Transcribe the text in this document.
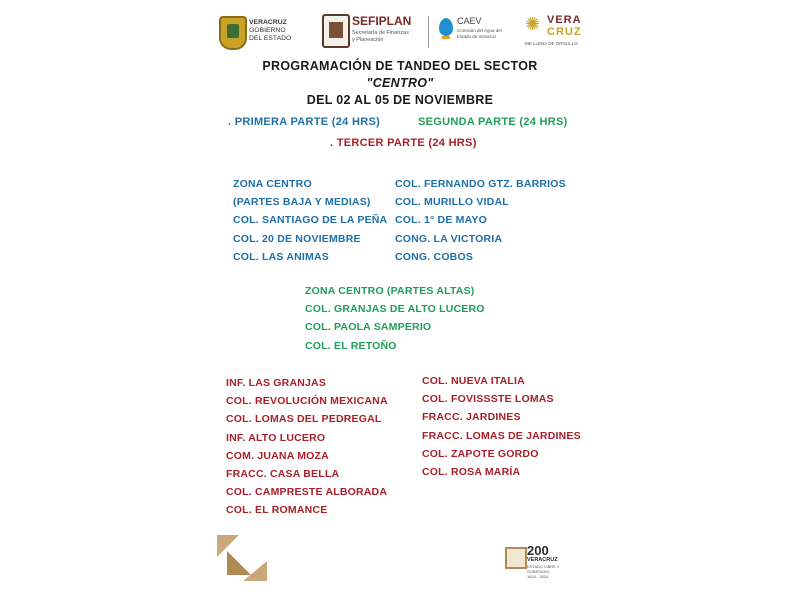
VERACRUZ
GOBIERNO
DEL ESTADO
SEFIPLAN
Secretaría de Finanzas
y Planeación
CAEV
Comisión del Agua del Estado de Veracruz
✺ VERA
CRUZ
ME LLENA DE ORGULLO
PROGRAMACIÓN DE TANDEO DEL SECTOR
"CENTRO"
DEL 02 AL 05 DE NOVIEMBRE
. PRIMERA PARTE (24 HRS)	SEGUNDA PARTE (24 HRS)
. TERCER PARTE (24 HRS)
ZONA CENTRO
(PARTES BAJA Y MEDIAS)
COL. SANTIAGO DE LA PEÑA
COL. 20 DE NOVIEMBRE
COL. LAS ANIMAS
COL. FERNANDO GTZ. BARRIOS
COL. MURILLO VIDAL
COL. 1° DE MAYO
CONG. LA VICTORIA
CONG. COBOS
ZONA CENTRO (PARTES ALTAS)
COL. GRANJAS DE ALTO LUCERO
COL. PAOLA SAMPERIO
COL. EL RETOÑO
INF. LAS GRANJAS
COL. REVOLUCIÓN MEXICANA
COL. LOMAS DEL PEDREGAL
INF. ALTO LUCERO
COM. JUANA MOZA
FRACC. CASA BELLA
COL. CAMPRESTE ALBORADA
COL. EL ROMANCE
COL. NUEVA ITALIA
COL. FOVISSSTE LOMAS
FRACC. JARDINES
FRACC. LOMAS DE JARDINES
COL. ZAPOTE GORDO
COL. ROSA MARÍA
200
VERACRUZ
ESTADO LIBRE Y SOBERANO
1824 - 2024
